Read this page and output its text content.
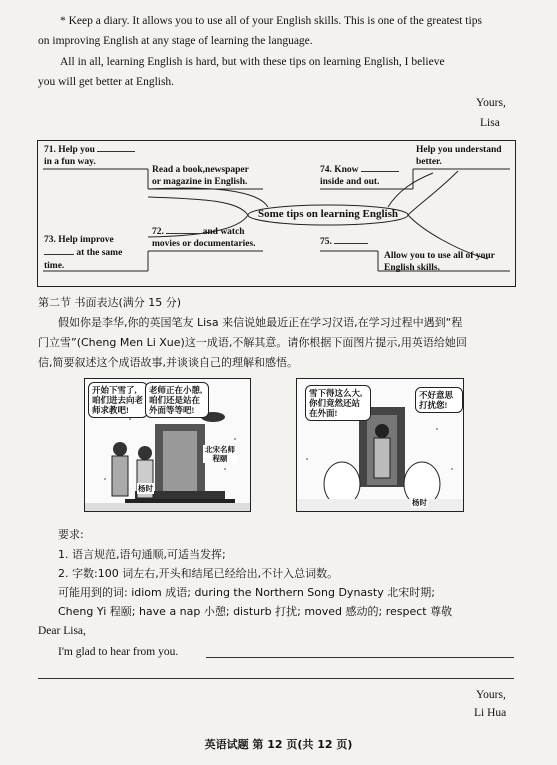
* Keep a diary. It allows you to use all of your English skills. This is one of the greatest tips
on improving English at any stage of learning the language.
All in all, learning English is hard, but with these tips on learning English, I believe
you will get better at English.
Yours,
Lisa
71. Help you
in a fun way.
Read a book,newspaper
or magazine in English.
74. Know
inside and out.
Help you understand
better.
Some tips on learning English
73. Help improve
at the same
time.
72.	and watch
movies or documentaries.	75.
Allow you to use all of your
English skills.
第二节 书面表达(满分 15 分)
假如你是李华,你的英国笔友 Lisa 来信说她最近正在学习汉语,在学习过程中遇到“程
门立雪”(Cheng Men Li Xue)这一成语,不解其意。请你根据下面图片提示,用英语给她回
信,简要叙述这个成语故事,并谈谈自己的理解和感悟。
开始下雪了,咱们进去向老师求教吧!
老师正在小憩,咱们还是站在外面等等吧!
北宋名师程颐
杨时
雪下得这么大,你们竟然还站在外面!
不好意思打扰您!
杨时
要求:
1. 语言规范,语句通顺,可适当发挥;
2. 字数:100 词左右,开头和结尾已经给出,不计入总词数。
可能用到的词: idiom 成语; during the Northern Song Dynasty 北宋时期;
Cheng Yi 程颐; have a nap 小憩; disturb 打扰; moved 感动的; respect 尊敬
Dear Lisa,
I'm glad to hear from you.
Yours,
Li Hua
英语试题 第 12 页(共 12 页)
